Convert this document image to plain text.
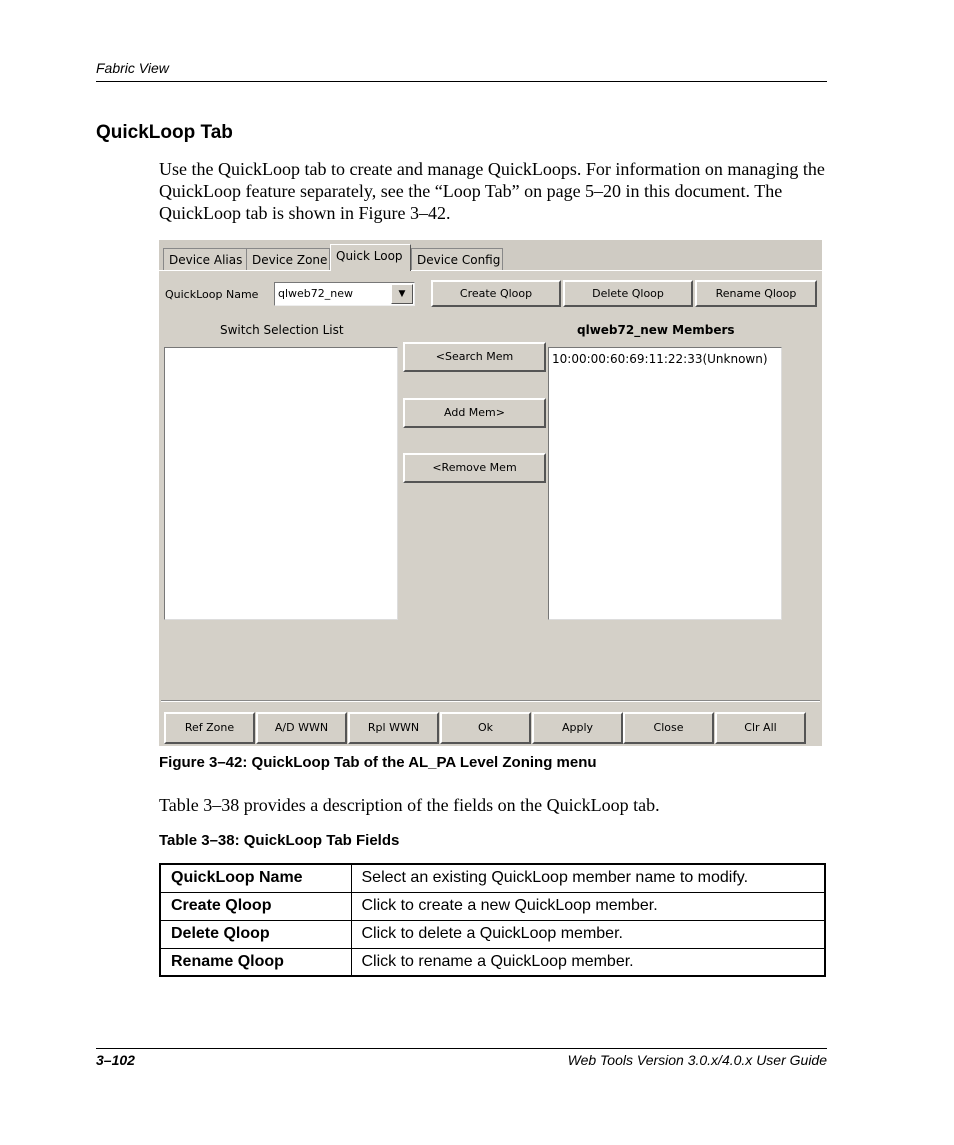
Fabric View
QuickLoop Tab
Use the QuickLoop tab to create and manage QuickLoops. For information on managing the QuickLoop feature separately, see the “Loop Tab” on page 5–20 in this document. The QuickLoop tab is shown in Figure 3–42.
Device Alias Device Zone Quick Loop	Device Config
QuickLoop Name qlweb72_new	▼	Create Qloop	Delete Qloop	Rename Qloop
Switch Selection List	qlweb72_new Members
<Search Mem
Add Mem>
<Remove Mem
10:00:00:60:69:11:22:33(Unknown)
Ref Zone	A/D WWN	Rpl WWN	Ok	Apply	Close	Clr All
Figure 3–42: QuickLoop Tab of the AL_PA Level Zoning menu
Table 3–38 provides a description of the fields on the QuickLoop tab.
Table 3–38: QuickLoop Tab Fields
QuickLoop Name	Select an existing QuickLoop member name to modify.
Create Qloop	Click to create a new QuickLoop member.
Delete Qloop	Click to delete a QuickLoop member.
Rename Qloop	Click to rename a QuickLoop member.
3–102	Web Tools Version 3.0.x/4.0.x User Guide
